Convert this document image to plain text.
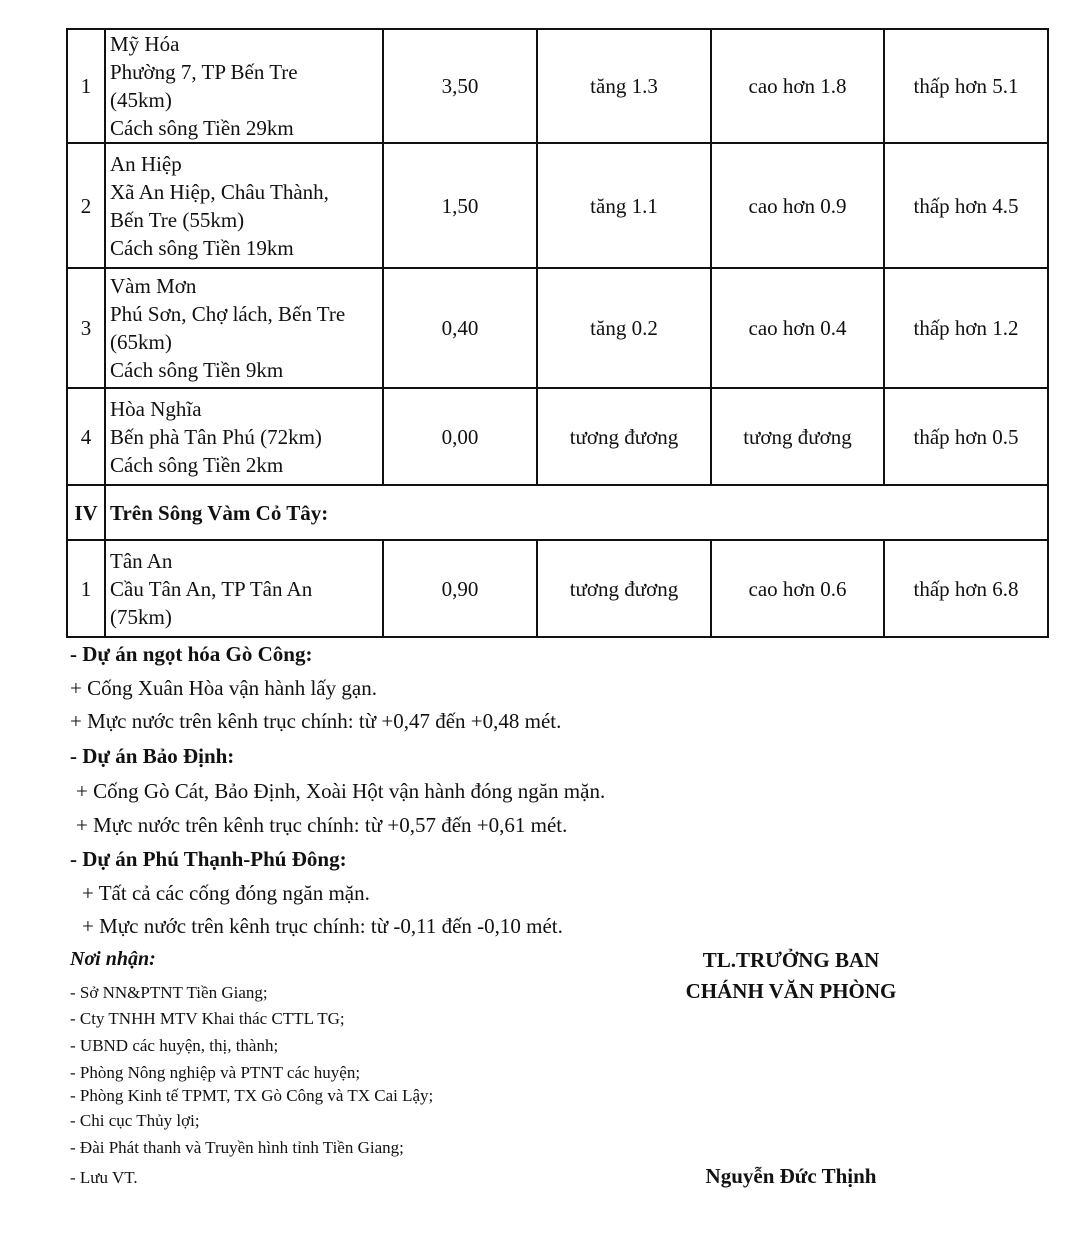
1	Mỹ Hóa
Phường 7, TP Bến Tre
(45km)
Cách sông Tiền 29km	3,50	tăng 1.3	cao hơn 1.8	thấp hơn 5.1
2	An Hiệp
Xã An Hiệp, Châu Thành,
Bến Tre (55km)
Cách sông Tiền 19km	1,50	tăng 1.1	cao hơn 0.9	thấp hơn 4.5
3	Vàm Mơn
Phú Sơn, Chợ lách, Bến Tre
(65km)
Cách sông Tiền 9km	0,40	tăng 0.2	cao hơn 0.4	thấp hơn 1.2
4	Hòa Nghĩa
Bến phà Tân Phú (72km)
Cách sông Tiền 2km	0,00	tương đương	tương đương	thấp hơn 0.5
IV	Trên Sông Vàm Cỏ Tây:				
1	Tân An
Cầu Tân An, TP Tân An
(75km)	0,90	tương đương	cao hơn 0.6	thấp hơn 6.8
- Dự án ngọt hóa Gò Công:
+ Cống Xuân Hòa vận hành lấy gạn.
+ Mực nước trên kênh trục chính: từ +0,47 đến +0,48 mét.
- Dự án Bảo Định:
+ Cống Gò Cát, Bảo Định, Xoài Hột vận hành đóng ngăn mặn.
+ Mực nước trên kênh trục chính: từ +0,57 đến +0,61 mét.
- Dự án Phú Thạnh-Phú Đông:
+ Tất cả các cống đóng ngăn mặn.
+ Mực nước trên kênh trục chính: từ -0,11 đến -0,10 mét.
Nơi nhận:
- Sở NN&PTNT Tiền Giang;
- Cty TNHH MTV Khai thác CTTL TG;
- UBND các huyện, thị, thành;
- Phòng Nông nghiệp và PTNT các huyện;
- Phòng Kinh tế TPMT, TX Gò Công và TX Cai Lậy;
- Chi cục Thủy lợi;
- Đài Phát thanh và Truyền hình tỉnh Tiền Giang;
- Lưu VT.
TL.TRƯỞNG BAN
CHÁNH VĂN PHÒNG
Nguyễn Đức Thịnh
